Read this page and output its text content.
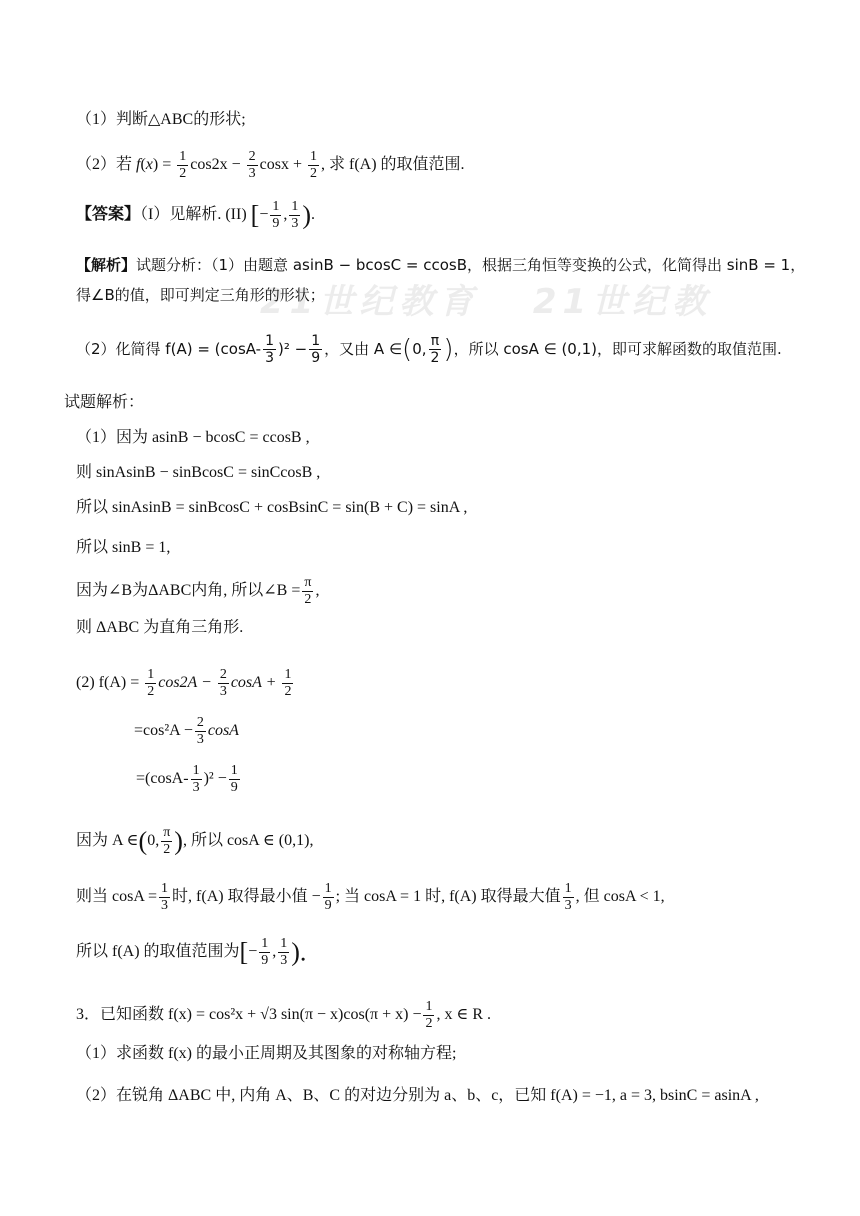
21世纪教育   21世纪教
（1）判断△ABC的形状;
（2）若 $f(x) = \frac{1}{2} \cos 2x - \frac{2}{3}$ $\cos x + \frac{1}{2}$ , 求 f(A) 的取值范围.
【答案】（I）见解析. (II) [− $\frac{1}{9}$ , $\frac{1}{3}$ ).
【解析】试题分析：（1）由题意 asinB − bcosC = ccosB，根据三角恒等变换的公式，化简得出 sinB = 1，
得∠B的值，即可判定三角形的形状；
（2）化简得 $f(A) = (\cos A- \frac{1}{3} )^2 - \frac{1}{9}$ ，又由 A ∈(0, $\frac{\pi}{2}$ )，所以 cosA ∈ (0,1)，即可求解函数的取值范围.
试题解析：
（1）因为 asinB − bcosC = ccosB ,
则 sinAsinB − sinBcosC = sinCcosB ,
所以 sinAsinB = sinBcosC + cosBsinC = sin(B + C) = sinA ,
所以 sinB = 1,
因为∠B为ΔABC内角, 所以∠B = $\frac{\pi}{2}$ ,
则 ΔABC 为直角三角形.
(2) $f(A) = \frac{1}{2} \cos 2A - \frac{2}{3}$ $\cos A + \frac{1}{2}$
$=\cos^2A - \frac{2}{3}$ cosA
$=(\cos A- \frac{1}{3} )^2 - \frac{1}{9}$
因为 A ∈(0, $\frac{\pi}{2}$ ), 所以 cosA ∈ (0,1),
则当 $\cos A = \frac{1}{3}$ 时, f(A) 取得最小值 − $\frac{1}{9}$ ; 当 cosA = 1 时, f(A) 取得最大值 $\frac{1}{3}$ , 但 cosA < 1,
所以 f(A) 的取值范围为[− $\frac{1}{9}$ , $\frac{1}{3}$ ).
3．已知函数 f(x) = cos²x + √3 $\sin(\pi - x)\cos(\pi + x) - \frac{1}{2}$ , x ∈ R .
（1）求函数 f(x) 的最小正周期及其图象的对称轴方程;
（2）在锐角 ΔABC 中, 内角 A、B、C 的对边分别为 a、b、c，已知 f(A) = −1, a = 3, bsinC = asinA ,
